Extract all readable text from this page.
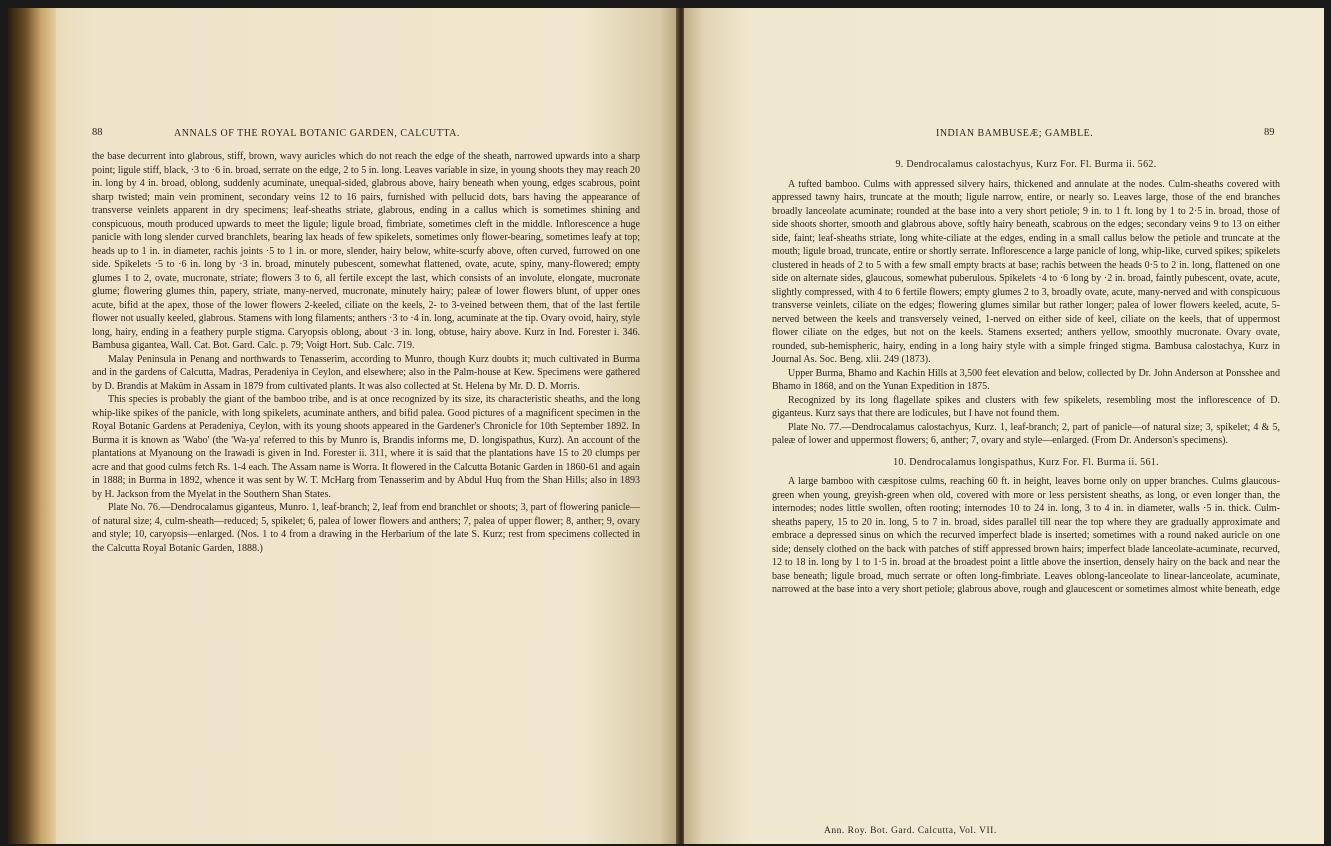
88	ANNALS OF THE ROYAL BOTANIC GARDEN, CALCUTTA.

the base decurrent into glabrous, stiff, brown, wavy auricles which do not reach the edge of the sheath, narrowed upwards into a sharp point; ligule stiff, black, ·3 to ·6 in. broad, serrate on the edge, 2 to 5 in. long. Leaves variable in size, in young shoots they may reach 20 in. long by 4 in. broad, oblong, suddenly acuminate, unequal-sided, glabrous above, hairy beneath when young, edges scabrous, point sharp twisted; main vein prominent, secondary veins 12 to 16 pairs, furnished with pellucid dots, bars having the appearance of transverse veinlets apparent in dry specimens; leaf-sheaths striate, glabrous, ending in a callus which is sometimes shining and conspicuous, mouth produced upwards to meet the ligule; ligule broad, fimbriate, sometimes cleft in the middle. Inflorescence a huge panicle with long slender curved branchlets, bearing lax heads of few spikelets, sometimes only flower-bearing, sometimes leafy at top; heads up to 1 in. in diameter, rachis joints ·5 to 1 in. or more, slender, hairy below, white-scurfy above, often curved, furrowed on one side. Spikelets ·5 to ·6 in. long by ·3 in. broad, minutely pubescent, somewhat flattened, ovate, acute, spiny, many-flowered; empty glumes 1 to 2, ovate, mucronate, striate; flowers 3 to 6, all fertile except the last, which consists of an involute, elongate, mucronate glume; flowering glumes thin, papery, striate, many-nerved, mucronate, minutely hairy; paleæ of lower flowers blunt, of upper ones acute, bifid at the apex, those of the lower flowers 2-keeled, ciliate on the keels, 2- to 3-veined between them, that of the last fertile flower not usually keeled, glabrous. Stamens with long filaments; anthers ·3 to ·4 in. long, acuminate at the tip. Ovary ovoid, hairy, style long, hairy, ending in a feathery purple stigma. Caryopsis oblong, about ·3 in. long, obtuse, hairy above. Kurz in Ind. Forester i. 346. Bambusa gigantea, Wall. Cat. Bot. Gard. Calc. p. 79; Voigt Hort. Sub. Calc. 719.

Malay Peninsula in Penang and northwards to Tenasserim, according to Munro, though Kurz doubts it; much cultivated in Burma and in the gardens of Calcutta, Madras, Peradeniya in Ceylon, and elsewhere; also in the Palm-house at Kew. Specimens were gathered by D. Brandis at Makûm in Assam in 1879 from cultivated plants. It was also collected at St. Helena by Mr. D. D. Morris.

This species is probably the giant of the bamboo tribe, and is at once recognized by its size, its characteristic sheaths, and the long whip-like spikes of the panicle, with long spikelets, acuminate anthers, and bifid palea. Good pictures of a magnificent specimen in the Royal Botanic Gardens at Peradeniya, Ceylon, with its young shoots appeared in the Gardener's Chronicle for 10th September 1892. In Burma it is known as 'Wabo' (the 'Wa-ya' referred to this by Munro is, Brandis informs me, D. longispathus, Kurz). An account of the plantations at Myanoung on the Irawadi is given in Ind. Forester ii. 311, where it is said that the plantations have 15 to 20 clumps per acre and that good culms fetch Rs. 1-4 each. The Assam name is Worra. It flowered in the Calcutta Botanic Garden in 1860-61 and again in 1888; in Burma in 1892, whence it was sent by W. T. McHarg from Tenasserim and by Abdul Huq from the Shan Hills; also in 1893 by H. Jackson from the Myelat in the Southern Shan States.

Plate No. 76.—Dendrocalamus giganteus, Munro. 1, leaf-branch; 2, leaf from end branchlet or shoots; 3, part of flowering panicle—of natural size; 4, culm-sheath—reduced; 5, spikelet; 6, palea of lower flowers and anthers; 7, palea of upper flower; 8, anther; 9, ovary and style; 10, caryopsis—enlarged. (Nos. 1 to 4 from a drawing in the Herbarium of the late S. Kurz; rest from specimens collected in the Calcutta Royal Botanic Garden, 1888.)

INDIAN BAMBUSEÆ; GAMBLE.	89
9. Dendrocalamus calostachyus, Kurz For. Fl. Burma ii. 562.

A tufted bamboo. Culms with appressed silvery hairs, thickened and annulate at the nodes. Culm-sheaths covered with appressed tawny hairs, truncate at the mouth; ligule narrow, entire, or nearly so. Leaves large, those of the end branches broadly lanceolate acuminate; rounded at the base into a very short petiole; 9 in. to 1 ft. long by 1 to 2·5 in. broad, those of side shoots shorter, smooth and glabrous above, softly hairy beneath, scabrous on the edges; secondary veins 9 to 13 on either side, faint; leaf-sheaths striate, long white-ciliate at the edges, ending in a small callus below the petiole and truncate at the mouth; ligule broad, truncate, entire or shortly serrate. Inflorescence a large panicle of long, whip-like, curved spikes; spikelets clustered in heads of 2 to 5 with a few small empty bracts at base; rachis between the heads 0·5 to 2 in. long, flattened on one side on alternate sides, glaucous, somewhat puberulous. Spikelets ·4 to ·6 long by ·2 in. broad, faintly pubescent, ovate, acute, slightly compressed, with 4 to 6 fertile flowers; empty glumes 2 to 3, broadly ovate, acute, many-nerved and with conspicuous transverse veinlets, ciliate on the edges; flowering glumes similar but rather longer; palea of lower flowers keeled, acute, 5-nerved between the keels and transversely veined, 1-nerved on either side of keel, ciliate on the keels, that of uppermost flower ciliate on the edges, but not on the keels. Stamens exserted; anthers yellow, smoothly mucronate. Ovary ovate, rounded, sub-hemispheric, hairy, ending in a long hairy style with a simple fringed stigma. Bambusa calostachya, Kurz in Journal As. Soc. Beng. xlii. 249 (1873).

Upper Burma, Bhamo and Kachin Hills at 3,500 feet elevation and below, collected by Dr. John Anderson at Ponsshee and Bhamo in 1868, and on the Yunan Expedition in 1875.

Recognized by its long flagellate spikes and clusters with few spikelets, resembling most the inflorescence of D. giganteus. Kurz says that there are lodicules, but I have not found them.

Plate No. 77.—Dendrocalamus calostachyus, Kurz. 1, leaf-branch; 2, part of panicle—of natural size; 3, spikelet; 4 & 5, paleæ of lower and uppermost flowers; 6, anther; 7, ovary and style—enlarged. (From Dr. Anderson's specimens).

10. Dendrocalamus longispathus, Kurz For. Fl. Burma ii. 561.

A large bamboo with cæspitose culms, reaching 60 ft. in height, leaves borne only on upper branches. Culms glaucous-green when young, greyish-green when old, covered with more or less persistent sheaths, as long, or even longer than, the internodes; nodes little swollen, often rooting; internodes 10 to 24 in. long, 3 to 4 in. in diameter, walls ·5 in. thick. Culm-sheaths papery, 15 to 20 in. long, 5 to 7 in. broad, sides parallel till near the top where they are gradually approximate and embrace a depressed sinus on which the recurved imperfect blade is inserted; sometimes with a round naked auricle on one side; densely clothed on the back with patches of stiff appressed brown hairs; imperfect blade lanceolate-acuminate, recurved, 12 to 18 in. long by 1 to 1·5 in. broad at the broadest point a little above the insertion, densely hairy on the back and near the base beneath; ligule broad, much serrate or often long-fimbriate. Leaves oblong-lanceolate to linear-lanceolate, acuminate, narrowed at the base into a very short petiole; glabrous above, rough and glaucescent or sometimes almost white beneath, edge

Ann. Roy. Bot. Gard. Calcutta, Vol. VII.
